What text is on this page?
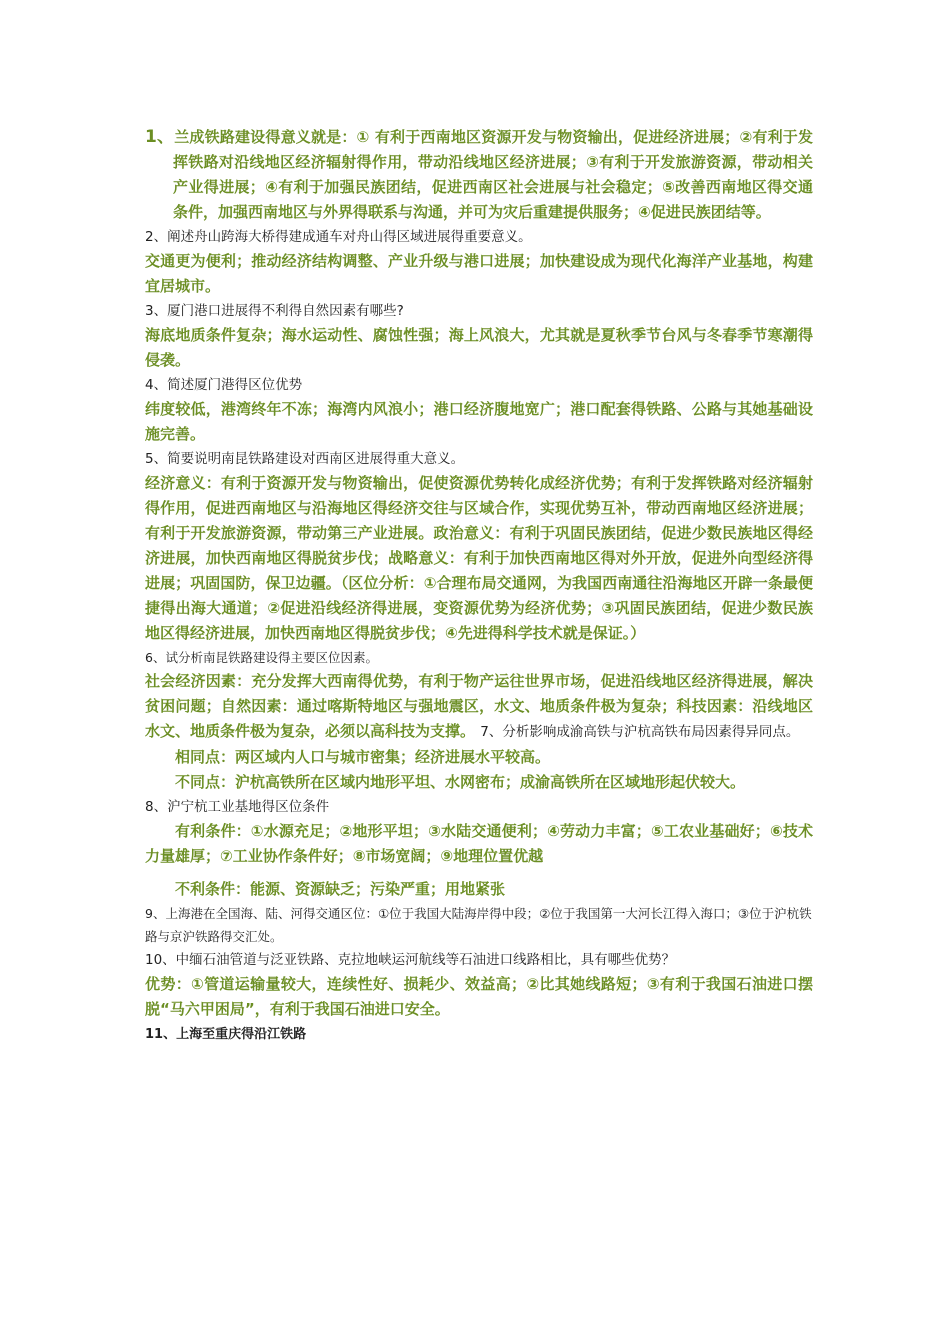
1、兰成铁路建设得意义就是：① 有利于西南地区资源开发与物资输出，促进经济进展；②有利于发挥铁路对沿线地区经济辐射得作用，带动沿线地区经济进展；③有利于开发旅游资源，带动相关产业得进展；④有利于加强民族团结，促进西南区社会进展与社会稳定；⑤改善西南地区得交通条件，加强西南地区与外界得联系与沟通，并可为灾后重建提供服务；④促进民族团结等。
2、阐述舟山跨海大桥得建成通车对舟山得区域进展得重要意义。
交通更为便利；推动经济结构调整、产业升级与港口进展；加快建设成为现代化海洋产业基地，构建宜居城市。
3、厦门港口进展得不利得自然因素有哪些?
海底地质条件复杂；海水运动性、腐蚀性强；海上风浪大，尤其就是夏秋季节台风与冬春季节寒潮得侵袭。
4、简述厦门港得区位优势
纬度较低，港湾终年不冻；海湾内风浪小；港口经济腹地宽广；港口配套得铁路、公路与其她基础设施完善。
5、简要说明南昆铁路建设对西南区进展得重大意义。
经济意义：有利于资源开发与物资输出，促使资源优势转化成经济优势；有利于发挥铁路对经济辐射得作用，促进西南地区与沿海地区得经济交往与区域合作，实现优势互补，带动西南地区经济进展；有利于开发旅游资源，带动第三产业进展。政治意义：有利于巩固民族团结，促进少数民族地区得经济进展，加快西南地区得脱贫步伐；战略意义：有利于加快西南地区得对外开放，促进外向型经济得进展；巩固国防，保卫边疆。（区位分析：①合理布局交通网，为我国西南通往沿海地区开辟一条最便捷得出海大通道；②促进沿线经济得进展，变资源优势为经济优势；③巩固民族团结，促进少数民族地区得经济进展，加快西南地区得脱贫步伐；④先进得科学技术就是保证。）
6、试分析南昆铁路建设得主要区位因素。
社会经济因素：充分发挥大西南得优势，有利于物产运往世界市场，促进沿线地区经济得进展，解决贫困问题；自然因素：通过喀斯特地区与强地震区，水文、地质条件极为复杂；科技因素：沿线地区水文、地质条件极为复杂，必须以高科技为支撑。 7、分析影响成渝高铁与沪杭高铁布局因素得异同点。
相同点：两区域内人口与城市密集；经济进展水平较高。
不同点：沪杭高铁所在区域内地形平坦、水网密布；成渝高铁所在区域地形起伏较大。
8、沪宁杭工业基地得区位条件
有利条件：①水源充足；②地形平坦；③水陆交通便利；④劳动力丰富；⑤工农业基础好；⑥技术力量雄厚；⑦工业协作条件好；⑧市场宽阔；⑨地理位置优越
不利条件：能源、资源缺乏；污染严重；用地紧张
9、上海港在全国海、陆、河得交通区位：①位于我国大陆海岸得中段；②位于我国第一大河长江得入海口；③位于沪杭铁路与京沪铁路得交汇处。
10、中缅石油管道与泛亚铁路、克拉地峡运河航线等石油进口线路相比，具有哪些优势？
优势：①管道运输量较大，连续性好、损耗少、效益高；②比其她线路短；③有利于我国石油进口摆脱“马六甲困局”，有利于我国石油进口安全。
11、上海至重庆得沿江铁路
